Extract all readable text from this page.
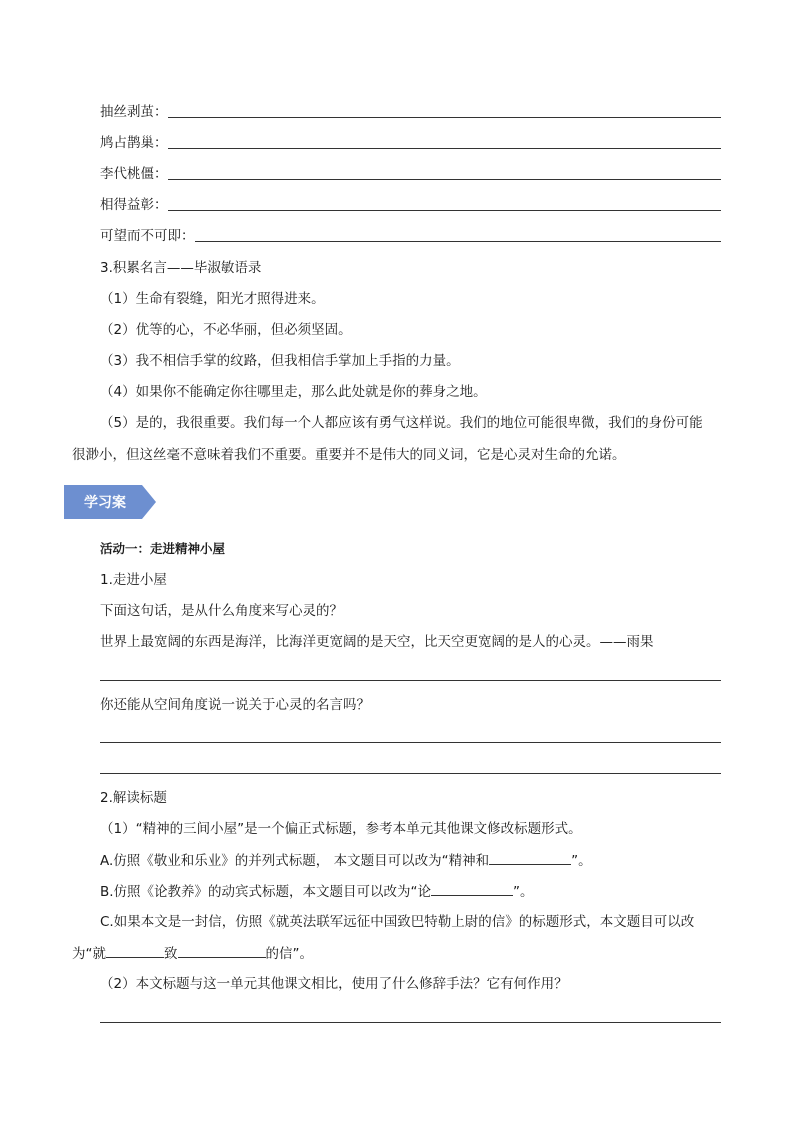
抽丝剥茧：
鸠占鹊巢：
李代桃僵：
相得益彰：
可望而不可即：
3.积累名言——毕淑敏语录
（1）生命有裂缝，阳光才照得进来。
（2）优等的心，不必华丽，但必须坚固。
（3）我不相信手掌的纹路，但我相信手掌加上手指的力量。
（4）如果你不能确定你往哪里走，那么此处就是你的葬身之地。
（5）是的，我很重要。我们每一个人都应该有勇气这样说。我们的地位可能很卑微，我们的身份可能
很渺小，但这丝毫不意味着我们不重要。重要并不是伟大的同义词，它是心灵对生命的允诺。
学习案
活动一：走进精神小屋
1.走进小屋
下面这句话，是从什么角度来写心灵的？
世界上最宽阔的东西是海洋，比海洋更宽阔的是天空，比天空更宽阔的是人的心灵。——雨果
你还能从空间角度说一说关于心灵的名言吗？
2.解读标题
（1）“精神的三间小屋”是一个偏正式标题，参考本单元其他课文修改标题形式。
A.仿照《敬业和乐业》的并列式标题， 本文题目可以改为“精神和	”。
B.仿照《论教养》的动宾式标题，本文题目可以改为“论	”。
C.如果本文是一封信，仿照《就英法联军远征中国致巴特勒上尉的信》的标题形式，本文题目可以改
为“就	致	的信”。
（2）本文标题与这一单元其他课文相比，使用了什么修辞手法？它有何作用？
